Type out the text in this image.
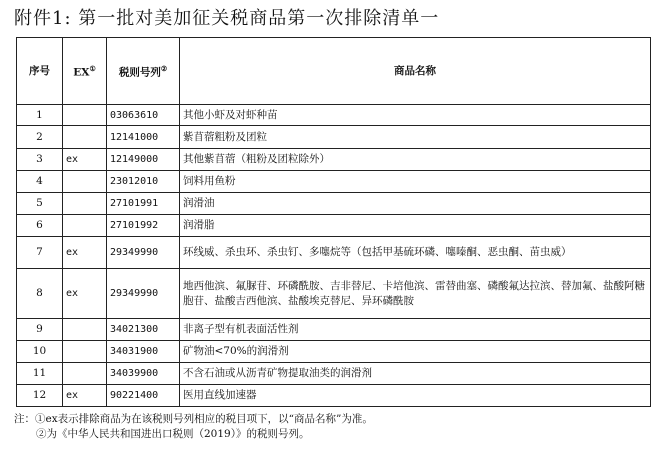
附件1: 第一批对美加征关税商品第一次排除清单一
序号	EX①	税则号列②	商品名称
1		03063610	其他小虾及对虾种苗
2		12141000	紫苜蓿粗粉及团粒
3	ex	12149000	其他紫苜蓿（粗粉及团粒除外）
4		23012010	饲料用鱼粉
5		27101991	润滑油
6		27101992	润滑脂
7	ex	29349990	环线威、杀虫环、杀虫钉、多噻烷等（包括甲基硫环磷、噻嗪酮、恶虫酮、苗虫威）
8	ex	29349990	地西他滨、氟脲苷、环磷酰胺、吉非替尼、卡培他滨、雷替曲塞、磷酸氟达拉滨、替加氟、盐酸阿糖胞苷、盐酸吉西他滨、盐酸埃克替尼、异环磷酰胺
9		34021300	非离子型有机表面活性剂
10		34031900	矿物油<70%的润滑剂
11		34039900	不含石油或从沥青矿物提取油类的润滑剂
12	ex	90221400	医用直线加速器
注：①ex表示排除商品为在该税则号列相应的税目项下，以“商品名称”为准。
②为《中华人民共和国进出口税则（2019）》的税则号列。
